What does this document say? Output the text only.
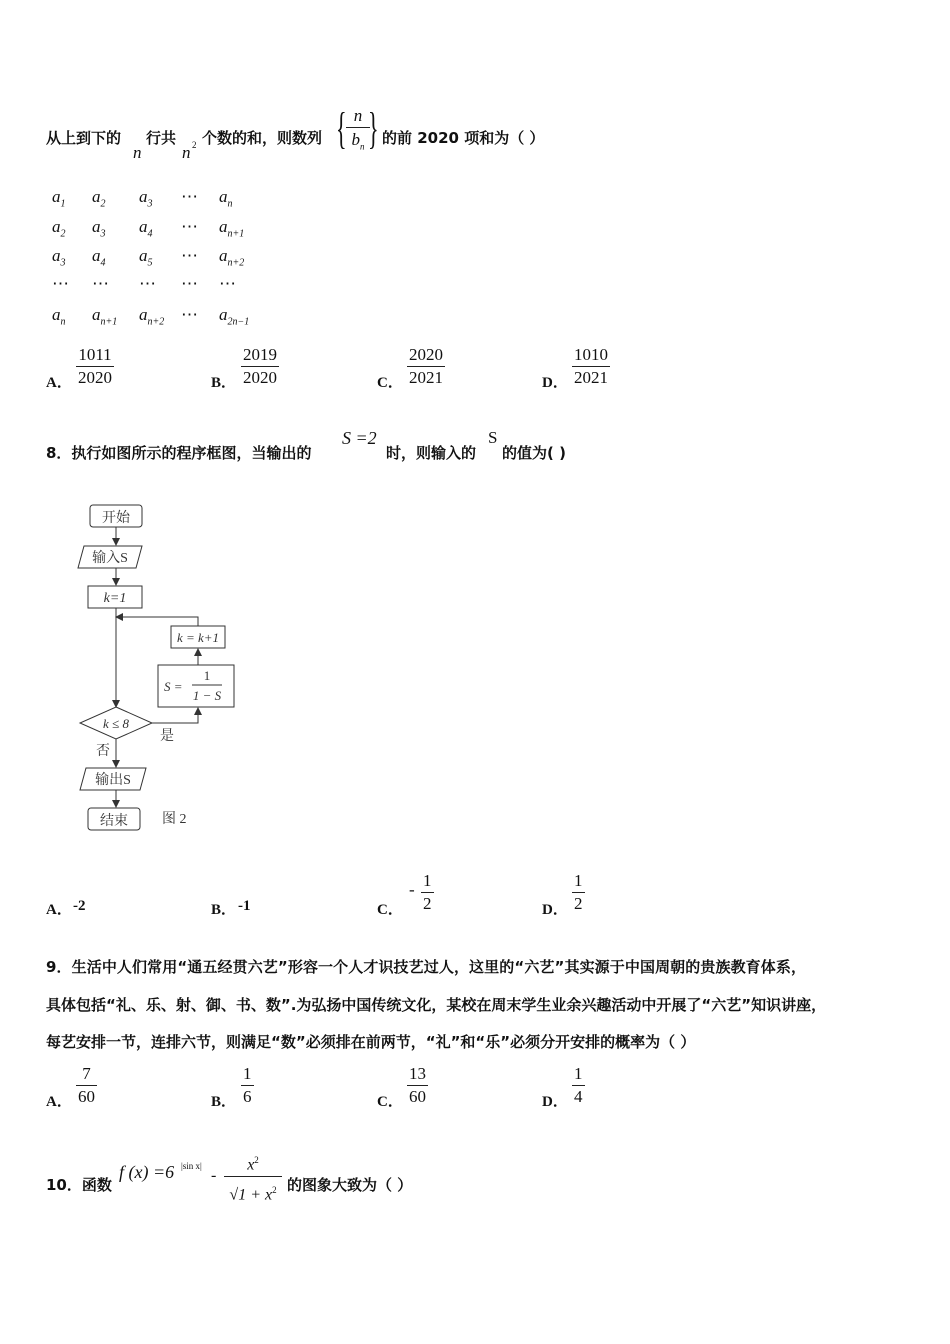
从上到下的
n
行共
n 2 个数的和，则数列 { n
$b_n$ } 的前 2020 项和为（ ）
$a_1$ $a_2$ $a_3$ ⋯ $a_n$
$a_2$ $a_3$ $a_4$ ⋯ $a_{n+1}$
$a_3$ $a_4$ $a_5$ ⋯ $a_{n+2}$
⋯ ⋯ ⋯ ⋯ ⋯
$a_n$ $a_{n+1}$ $a_{n+2}$ ⋯ $a_{2n-1}$
A．
1011
2020	B．
2019
2020	C．
2020
2021	D．
1010
2021
8．执行如图所示的程序框图，当输出的
S =2
时，则输入的
S
的值为( )
开始
输入S
k=1
k = k+1
S =
1
1 − S
k ≤ 8
是
否
输出S
结束 图 2
A． -2	B． -1	C．
- 1
2	D．
1
2
9．生活中人们常用“通五经贯六艺”形容一个人才识技艺过人，这里的“六艺”其实源于中国周朝的贵族教育体系，
具体包括“礼、乐、射、御、书、数”.为弘扬中国传统文化，某校在周末学生业余兴趣活动中开展了“六艺”知识讲座，
每艺安排一节，连排六节，则满足“数”必须排在前两节，“礼”和“乐”必须分开安排的概率为（ ）
A．
7
60	B．
1
6	C．
13
60	D．
1
4
10．函数
f (x) =6 |sin x|
-
$x^2$
$√1 + x^2$ 的图象大致为（ ）
